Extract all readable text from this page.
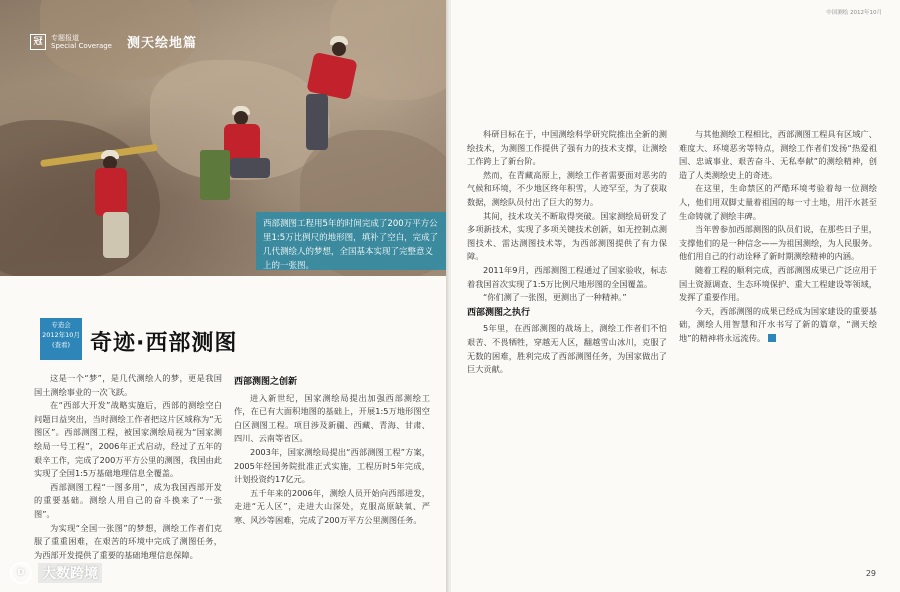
冠	专题报道
Special Coverage 测天绘地篇
西部测图工程用5年的时间完成了200万平方公里1:5万比例尺的地形图，填补了空白，完成了几代测绘人的梦想，全国基本实现了完整意义上的一张图。
专造会
2012年10月
(查看) 奇迹·西部测图

这是一个“梦”，是几代测绘人的梦，更是我国国土测绘事业的一次飞跃。

在“西部大开发”战略实施后，西部的测绘空白问题日益突出，当时测绘工作者把这片区域称为“无图区”。西部测图工程，被国家测绘局视为“国家测绘局一号工程”，2006年正式启动，经过了五年的艰辛工作，完成了200万平方公里的测图，我国由此实现了全国1:5万基础地理信息全覆盖。

西部测图工程“一图多用”，成为我国西部开发的重要基础。测绘人用自己的奋斗换来了“一张图”。

为实现“全国一张图”的梦想，测绘工作者们克服了重重困难，在艰苦的环境中完成了测图任务，为西部开发提供了重要的基础地理信息保障。

西部测图之创新

进入新世纪，国家测绘局提出加强西部测绘工作，在已有大面积地图的基础上，开展1:5万地形图空白区测图工程。项目涉及新疆、西藏、青海、甘肃、四川、云南等省区。

2003年，国家测绘局提出“西部测图工程”方案，2005年经国务院批准正式实施，工程历时5年完成，计划投资约17亿元。

五千年来的2006年，测绘人员开始向西部进发，走进“无人区”，走进大山深处，克服高原缺氧、严寒、风沙等困难，完成了200万平方公里测图任务。

中国测绘 2012年10月

科研目标在于，中国测绘科学研究院推出全新的测绘技术，为测图工作提供了强有力的技术支撑，让测绘工作跨上了新台阶。

然而，在青藏高原上，测绘工作者需要面对恶劣的气候和环境，不少地区终年积雪，人迹罕至，为了获取数据，测绘队员付出了巨大的努力。

其间，技术攻关不断取得突破。国家测绘局研发了多项新技术，实现了多项关键技术创新，如无控制点测图技术、雷达测图技术等，为西部测图提供了有力保障。

2011年9月，西部测图工程通过了国家验收，标志着我国首次实现了1:5万比例尺地形图的全国覆盖。

“你们测了一张图，更测出了一种精神。”

西部测图之执行

5年里，在西部测图的战场上，测绘工作者们不怕艰苦、不畏牺牲，穿越无人区，翻越雪山冰川，克服了无数的困难，胜利完成了西部测图任务，为国家做出了巨大贡献。

与其他测绘工程相比，西部测图工程具有区域广、难度大、环境恶劣等特点，测绘工作者们发扬“热爱祖国、忠诚事业、艰苦奋斗、无私奉献”的测绘精神，创造了人类测绘史上的奇迹。

在这里，生命禁区的严酷环境考验着每一位测绘人，他们用双脚丈量着祖国的每一寸土地，用汗水甚至生命铸就了测绘丰碑。

当年曾参加西部测图的队员们说，在那些日子里，支撑他们的是一种信念——为祖国测绘，为人民服务。他们用自己的行动诠释了新时期测绘精神的内涵。

随着工程的顺利完成，西部测图成果已广泛应用于国土资源调查、生态环境保护、重大工程建设等领域，发挥了重要作用。

今天，西部测图的成果已经成为国家建设的重要基础，测绘人用智慧和汗水书写了新的篇章，“测天绘地”的精神将永远流传。

29
D	大数跨境
